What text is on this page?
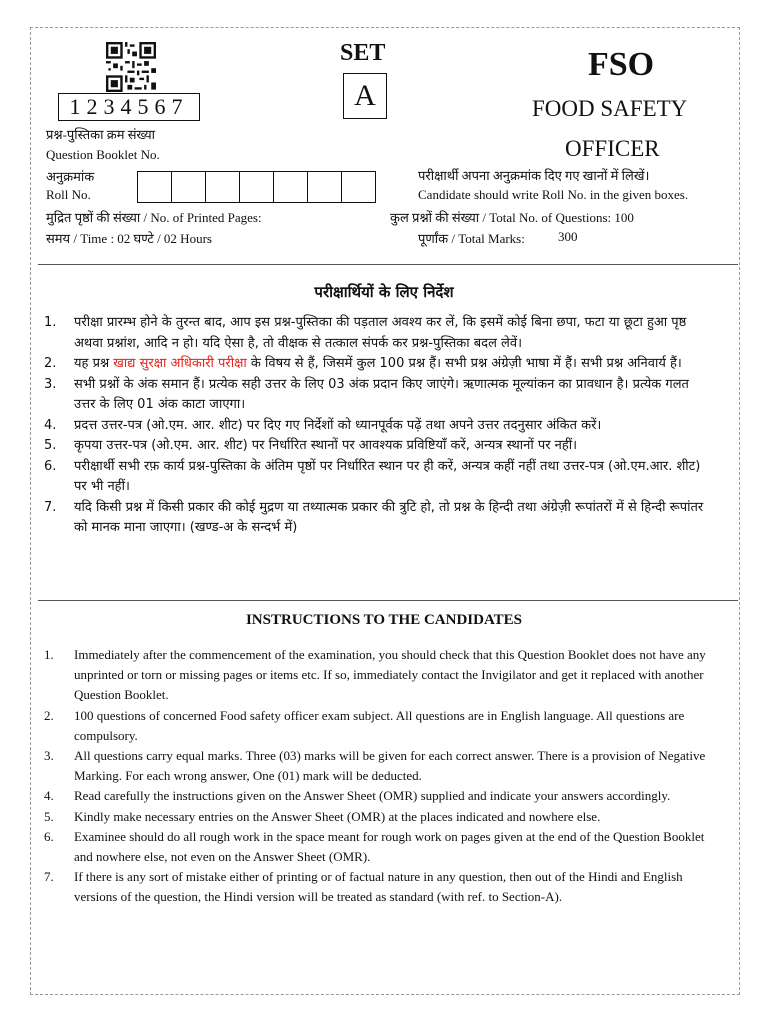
1234567
प्रश्न-पुस्तिका क्रम संख्या
Question Booklet No.
अनुक्रमांक
Roll No.
SET
A
FSO
FOOD SAFETY
OFFICER
परीक्षार्थी अपना अनुक्रमांक दिए गए खानों में लिखें।
Candidate should write Roll No. in the given boxes.
मुद्रित पृष्ठों की संख्या / No. of Printed Pages:	कुल प्रश्नों की संख्या / Total No. of Questions: 100
समय / Time : 02 घण्टे / 02 Hours	पूर्णांक / Total Marks:	300
परीक्षार्थियों के लिए निर्देश
1.	परीक्षा प्रारम्भ होने के तुरन्त बाद, आप इस प्रश्न-पुस्तिका की पड़ताल अवश्य कर लें, कि इसमें कोई बिना छपा, फटा या छूटा हुआ पृष्ठ अथवा प्रश्नांश, आदि न हो। यदि ऐसा है, तो वीक्षक से तत्काल संपर्क कर प्रश्न-पुस्तिका बदल लेवें।
2.	यह प्रश्न खाद्य सुरक्षा अधिकारी परीक्षा के विषय से हैं, जिसमें कुल 100 प्रश्न हैं। सभी प्रश्न अंग्रेज़ी भाषा में हैं। सभी प्रश्न अनिवार्य हैं।
3.	सभी प्रश्नों के अंक समान हैं। प्रत्येक सही उत्तर के लिए 03 अंक प्रदान किए जाएंगे। ऋणात्मक मूल्यांकन का प्रावधान है। प्रत्येक गलत उत्तर के लिए 01 अंक काटा जाएगा।
4.	प्रदत्त उत्तर-पत्र (ओ.एम. आर. शीट) पर दिए गए निर्देशों को ध्यानपूर्वक पढ़ें तथा अपने उत्तर तदनुसार अंकित करें।
5.	कृपया उत्तर-पत्र (ओ.एम. आर. शीट) पर निर्धारित स्थानों पर आवश्यक प्रविष्टियाँ करें, अन्यत्र स्थानों पर नहीं।
6.	परीक्षार्थी सभी रफ़ कार्य प्रश्न-पुस्तिका के अंतिम पृष्ठों पर निर्धारित स्थान पर ही करें, अन्यत्र कहीं नहीं तथा उत्तर-पत्र (ओ.एम.आर. शीट) पर भी नहीं।
7.	यदि किसी प्रश्न में किसी प्रकार की कोई मुद्रण या तथ्यात्मक प्रकार की त्रुटि हो, तो प्रश्न के हिन्दी तथा अंग्रेज़ी रूपांतरों में से हिन्दी रूपांतर को मानक माना जाएगा। (खण्ड-अ के सन्दर्भ में)
INSTRUCTIONS TO THE CANDIDATES
1.	Immediately after the commencement of the examination, you should check that this Question Booklet does not have any unprinted or torn or missing pages or items etc. If so, immediately contact the Invigilator and get it replaced with another Question Booklet.
2.	100 questions of concerned Food safety officer exam subject. All questions are in English language. All questions are compulsory.
3.	All questions carry equal marks. Three (03) marks will be given for each correct answer. There is a provision of Negative Marking. For each wrong answer, One (01) mark will be deducted.
4.	Read carefully the instructions given on the Answer Sheet (OMR) supplied and indicate your answers accordingly.
5.	Kindly make necessary entries on the Answer Sheet (OMR) at the places indicated and nowhere else.
6.	Examinee should do all rough work in the space meant for rough work on pages given at the end of the Question Booklet and nowhere else, not even on the Answer Sheet (OMR).
7.	If there is any sort of mistake either of printing or of factual nature in any question, then out of the Hindi and English versions of the question, the Hindi version will be treated as standard (with ref. to Section-A).
